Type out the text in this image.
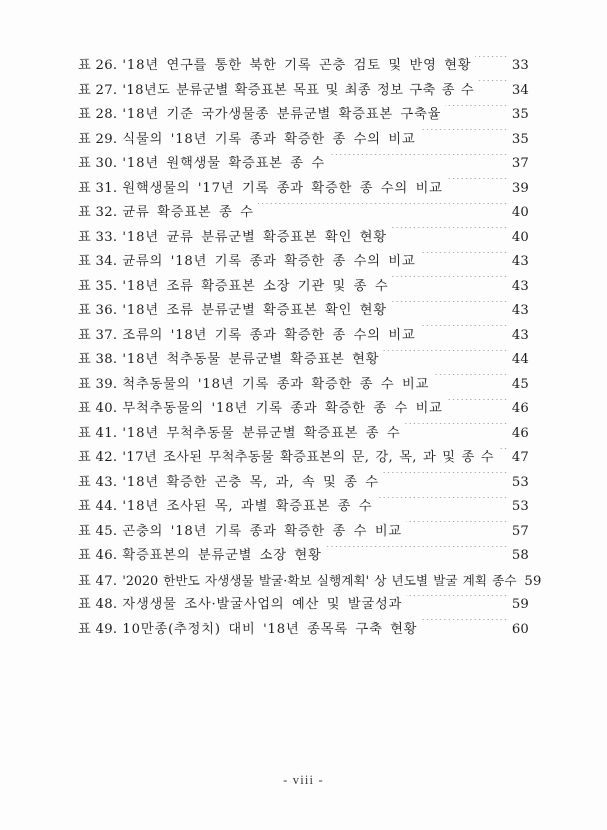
표 26. '18년 연구를 통한 북한 기록 곤충 검토 및 반영 현황 ·····	33
표 27. '18년도 분류군별 확증표본 목표 및 최종 정보 구축 종 수 ·····	34
표 28. '18년 기준 국가생물종 분류군별 확증표본 구축율 ·····	35
표 29. 식물의 '18년 기록 종과 확증한 종 수의 비교 ·····	35
표 30. '18년 원핵생물 확증표본 종 수 ·····	37
표 31. 원핵생물의 '17년 기록 종과 확증한 종 수의 비교 ·····	39
표 32. 균류 확증표본 종 수 ·····	40
표 33. '18년 균류 분류군별 확증표본 확인 현황 ·····	40
표 34. 균류의 '18년 기록 종과 확증한 종 수의 비교 ·····	43
표 35. '18년 조류 확증표본 소장 기관 및 종 수 ·····	43
표 36. '18년 조류 분류군별 확증표본 확인 현황 ·····	43
표 37. 조류의 '18년 기록 종과 확증한 종 수의 비교 ·····	43
표 38. '18년 척추동물 분류군별 확증표본 현황 ·····	44
표 39. 척추동물의 '18년 기록 종과 확증한 종 수 비교 ·····	45
표 40. 무척추동물의 '18년 기록 종과 확증한 종 수 비교 ·····	46
표 41. '18년 무척추동물 분류군별 확증표본 종 수 ·····	46
표 42. '17년 조사된 무척추동물 확증표본의 문, 강, 목, 과 및 종 수 ····· 47
표 43. '18년 확증한 곤충 목, 과, 속 및 종 수 ·····	53
표 44. '18년 조사된 목, 과별 확증표본 종 수 ·····	53
표 45. 곤충의 '18년 기록 종과 확증한 종 수 비교 ·····	57
표 46. 확증표본의 분류군별 소장 현황 ·····	58
표 47. '2020 한반도 자생생물 발굴·확보 실행계획' 상 년도별 발굴 계획 종수 59
표 48. 자생생물 조사·발굴사업의 예산 및 발굴성과 ·····	59
표 49. 10만종(추정치) 대비 '18년 종목록 구축 현황 ·····	60
- viii -
